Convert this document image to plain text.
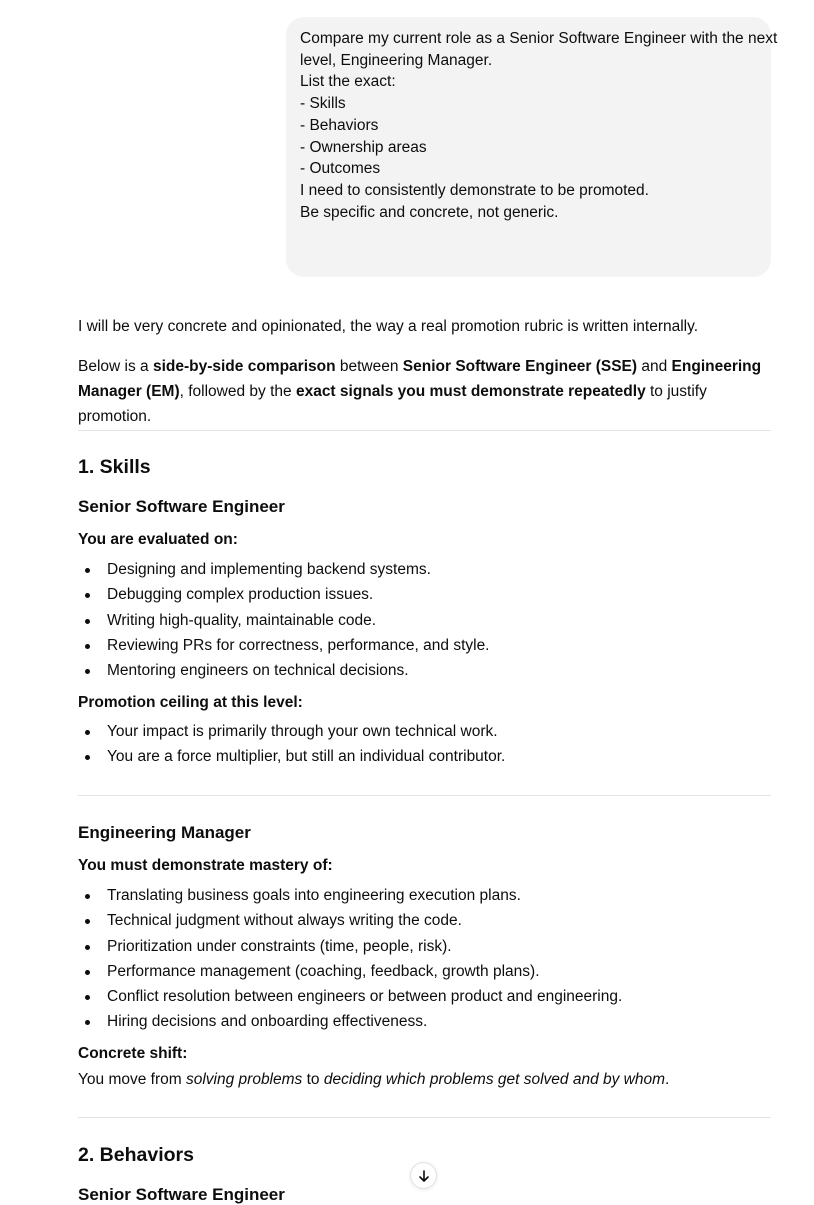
Compare my current role as a Senior Software Engineer with the next
level, Engineering Manager.
List the exact:
- Skills
- Behaviors
- Ownership areas
- Outcomes
I need to consistently demonstrate to be promoted.
Be specific and concrete, not generic.
I will be very concrete and opinionated, the way a real promotion rubric is written internally.
Below is a side-by-side comparison between Senior Software Engineer (SSE) and Engineering Manager (EM), followed by the exact signals you must demonstrate repeatedly to justify promotion.
1. Skills
Senior Software Engineer
You are evaluated on:
Designing and implementing backend systems.
Debugging complex production issues.
Writing high-quality, maintainable code.
Reviewing PRs for correctness, performance, and style.
Mentoring engineers on technical decisions.
Promotion ceiling at this level:
Your impact is primarily through your own technical work.
You are a force multiplier, but still an individual contributor.
Engineering Manager
You must demonstrate mastery of:
Translating business goals into engineering execution plans.
Technical judgment without always writing the code.
Prioritization under constraints (time, people, risk).
Performance management (coaching, feedback, growth plans).
Conflict resolution between engineers or between product and engineering.
Hiring decisions and onboarding effectiveness.
Concrete shift:
You move from solving problems to deciding which problems get solved and by whom.
2. Behaviors
Senior Software Engineer
